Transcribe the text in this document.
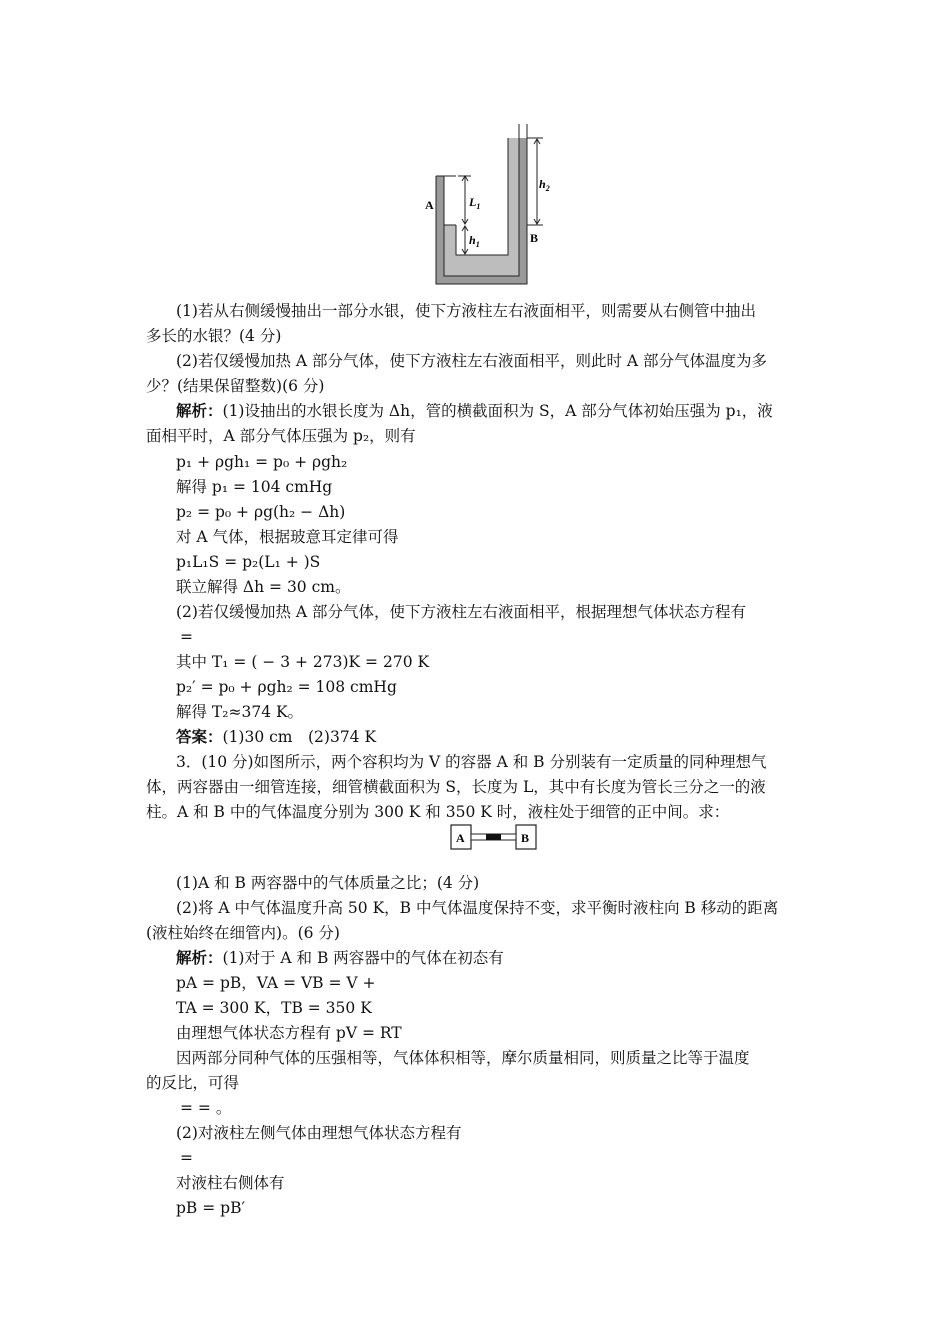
A
B
$L_1$
$h_1$
$h_2$
(1)若从右侧缓慢抽出一部分水银，使下方液柱左右液面相平，则需要从右侧管中抽出
多长的水银？(4 分)
(2)若仅缓慢加热 A 部分气体，使下方液柱左右液面相平，则此时 A 部分气体温度为多
少？(结果保留整数)(6 分)
解析：(1)设抽出的水银长度为 Δh，管的横截面积为 S，A 部分气体初始压强为 p₁，液
面相平时，A 部分气体压强为 p₂，则有
p₁ + ρgh₁ = p₀ + ρgh₂
解得 p₁ = 104 cmHg
p₂ = p₀ + ρg(h₂ − Δh)
对 A 气体，根据玻意耳定律可得
p₁L₁S = p₂(L₁ + )S
联立解得 Δh = 30 cm。
(2)若仅缓慢加热 A 部分气体，使下方液柱左右液面相平，根据理想气体状态方程有
=
其中 T₁ = ( − 3 + 273)K = 270 K
p₂′ = p₀ + ρgh₂ = 108 cmHg
解得 T₂≈374 K。
答案：(1)30 cm　(2)374 K
3．(10 分)如图所示，两个容积均为 V 的容器 A 和 B 分别装有一定质量的同种理想气
体，两容器由一细管连接，细管横截面积为 S，长度为 L，其中有长度为管长三分之一的液
柱。A 和 B 中的气体温度分别为 300 K 和 350 K 时，液柱处于细管的正中间。求：
A	B
(1)A 和 B 两容器中的气体质量之比；(4 分)
(2)将 A 中气体温度升高 50 K，B 中气体温度保持不变，求平衡时液柱向 B 移动的距离
(液柱始终在细管内)。(6 分)
解析：(1)对于 A 和 B 两容器中的气体在初态有
pA = pB，VA = VB = V +
TA = 300 K，TB = 350 K
由理想气体状态方程有 pV = RT
因两部分同种气体的压强相等，气体体积相等，摩尔质量相同，则质量之比等于温度
的反比，可得
= = 。
(2)对液柱左侧气体由理想气体状态方程有
=
对液柱右侧体有
pB = pB′
